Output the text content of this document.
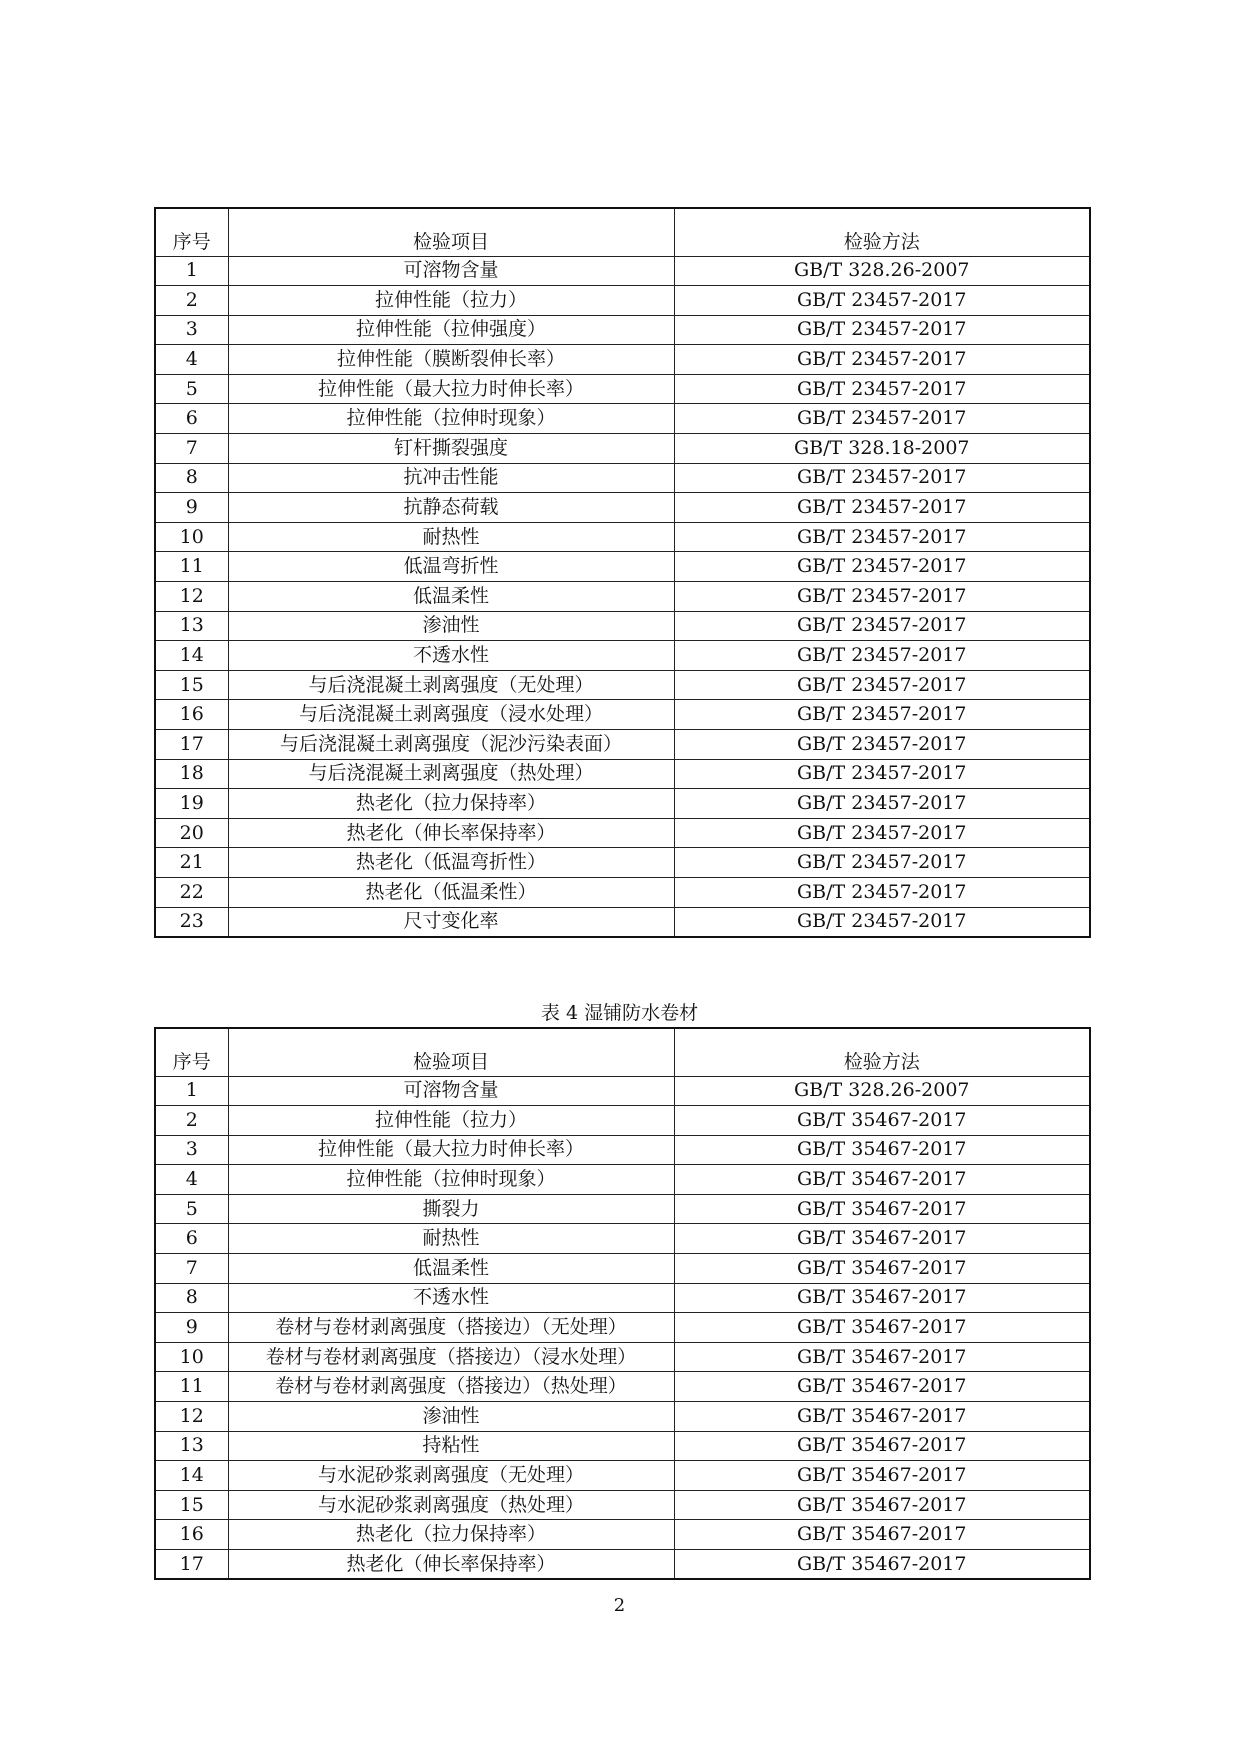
序号	检验项目	检验方法
1	可溶物含量	GB/T 328.26-2007
2	拉伸性能（拉力）	GB/T 23457-2017
3	拉伸性能（拉伸强度）	GB/T 23457-2017
4	拉伸性能（膜断裂伸长率）	GB/T 23457-2017
5	拉伸性能（最大拉力时伸长率）	GB/T 23457-2017
6	拉伸性能（拉伸时现象）	GB/T 23457-2017
7	钉杆撕裂强度	GB/T 328.18-2007
8	抗冲击性能	GB/T 23457-2017
9	抗静态荷载	GB/T 23457-2017
10	耐热性	GB/T 23457-2017
11	低温弯折性	GB/T 23457-2017
12	低温柔性	GB/T 23457-2017
13	渗油性	GB/T 23457-2017
14	不透水性	GB/T 23457-2017
15	与后浇混凝土剥离强度（无处理）	GB/T 23457-2017
16	与后浇混凝土剥离强度（浸水处理）	GB/T 23457-2017
17	与后浇混凝土剥离强度（泥沙污染表面）	GB/T 23457-2017
18	与后浇混凝土剥离强度（热处理）	GB/T 23457-2017
19	热老化（拉力保持率）	GB/T 23457-2017
20	热老化（伸长率保持率）	GB/T 23457-2017
21	热老化（低温弯折性）	GB/T 23457-2017
22	热老化（低温柔性）	GB/T 23457-2017
23	尺寸变化率	GB/T 23457-2017
表 4 湿铺防水卷材
序号	检验项目	检验方法
1	可溶物含量	GB/T 328.26-2007
2	拉伸性能（拉力）	GB/T 35467-2017
3	拉伸性能（最大拉力时伸长率）	GB/T 35467-2017
4	拉伸性能（拉伸时现象）	GB/T 35467-2017
5	撕裂力	GB/T 35467-2017
6	耐热性	GB/T 35467-2017
7	低温柔性	GB/T 35467-2017
8	不透水性	GB/T 35467-2017
9	卷材与卷材剥离强度（搭接边）（无处理）	GB/T 35467-2017
10	卷材与卷材剥离强度（搭接边）（浸水处理）	GB/T 35467-2017
11	卷材与卷材剥离强度（搭接边）（热处理）	GB/T 35467-2017
12	渗油性	GB/T 35467-2017
13	持粘性	GB/T 35467-2017
14	与水泥砂浆剥离强度（无处理）	GB/T 35467-2017
15	与水泥砂浆剥离强度（热处理）	GB/T 35467-2017
16	热老化（拉力保持率）	GB/T 35467-2017
17	热老化（伸长率保持率）	GB/T 35467-2017
2
